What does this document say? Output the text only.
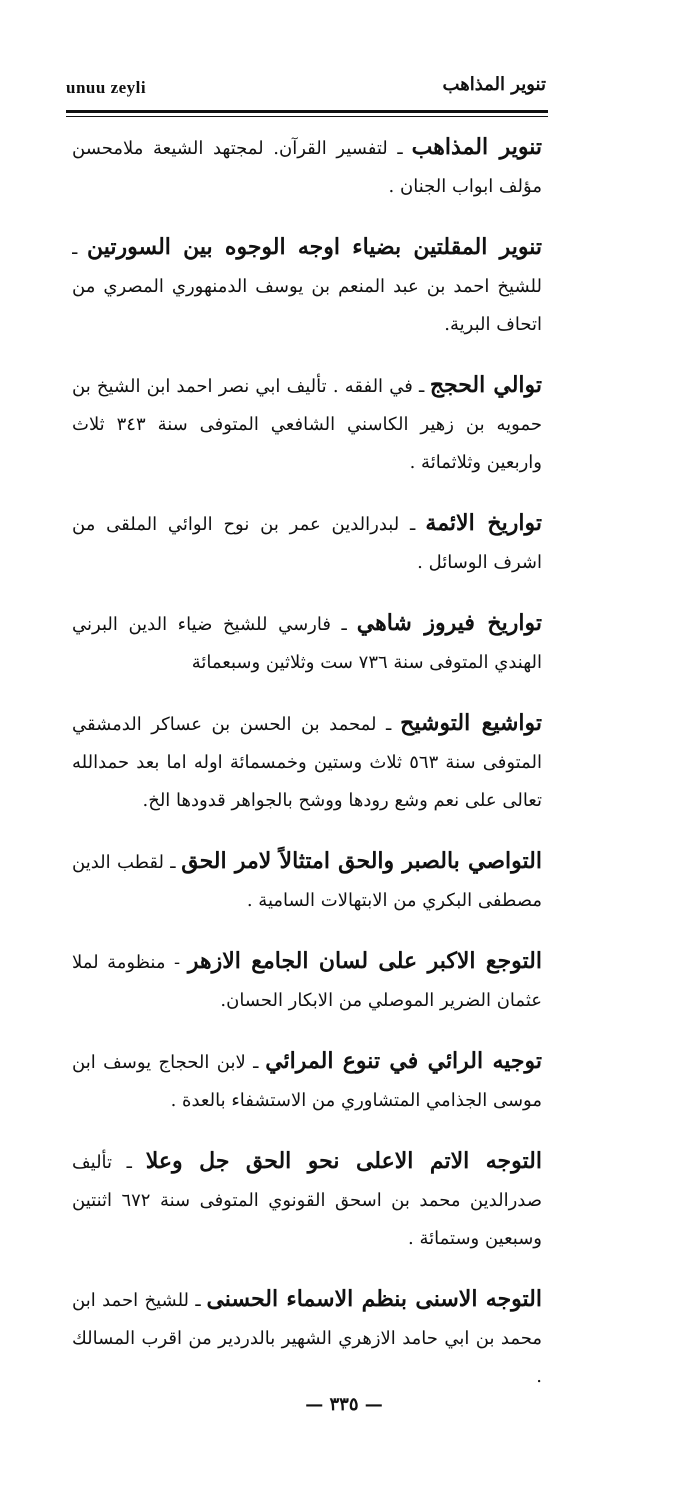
unuu zeyli	تنوير المذاهب
تنوير المذاهب ـ لتفسير القرآن. لمجتهد الشيعة ملامحسن مؤلف ابواب الجنان .
تنوير المقلتين بضياء اوجه الوجوه بين السورتين ـ للشيخ احمد بن عبد المنعم بن يوسف الدمنهوري المصري من اتحاف البرية.
توالي الحجج ـ في الفقه . تأليف ابي نصر احمد ابن الشيخ بن حمويه بن زهير الكاسني الشافعي المتوفى سنة ٣٤٣ ثلاث واربعين وثلاثمائة .
تواريخ الائمة ـ لبدرالدين عمر بن نوح الوائي الملقى من اشرف الوسائل .
تواريخ فيروز شاهي ـ فارسي للشيخ ضياء الدين البرني الهندي المتوفى سنة ٧٣٦ ست وثلاثين وسبعمائة
تواشيع التوشيح ـ لمحمد بن الحسن بن عساكر الدمشقي المتوفى سنة ٥٦٣ ثلاث وستين وخمسمائة اوله اما بعد حمدالله تعالى على نعم وشع رودها ووشح بالجواهر قدودها الخ.
التواصي بالصبر والحق امتثالاً لامر الحق ـ لقطب الدين مصطفى البكري من الابتهالات السامية .
التوجع الاكبر على لسان الجامع الازهر - منظومة لملا عثمان الضرير الموصلي من الابكار الحسان.
توجيه الرائي في تنوع المرائي ـ لابن الحجاج يوسف ابن موسى الجذامي المتشاوري من الاستشفاء بالعدة .
التوجه الاتم الاعلى نحو الحق جل وعلا ـ تأليف صدرالدين محمد بن اسحق القونوي المتوفى سنة ٦٧٢ اثنتين وسبعين وستمائة .
التوجه الاسنى بنظم الاسماء الحسنى ـ للشيخ احمد ابن محمد بن ابي حامد الازهري الشهير بالدردير من اقرب المسالك .
— ٣٣٥ —
